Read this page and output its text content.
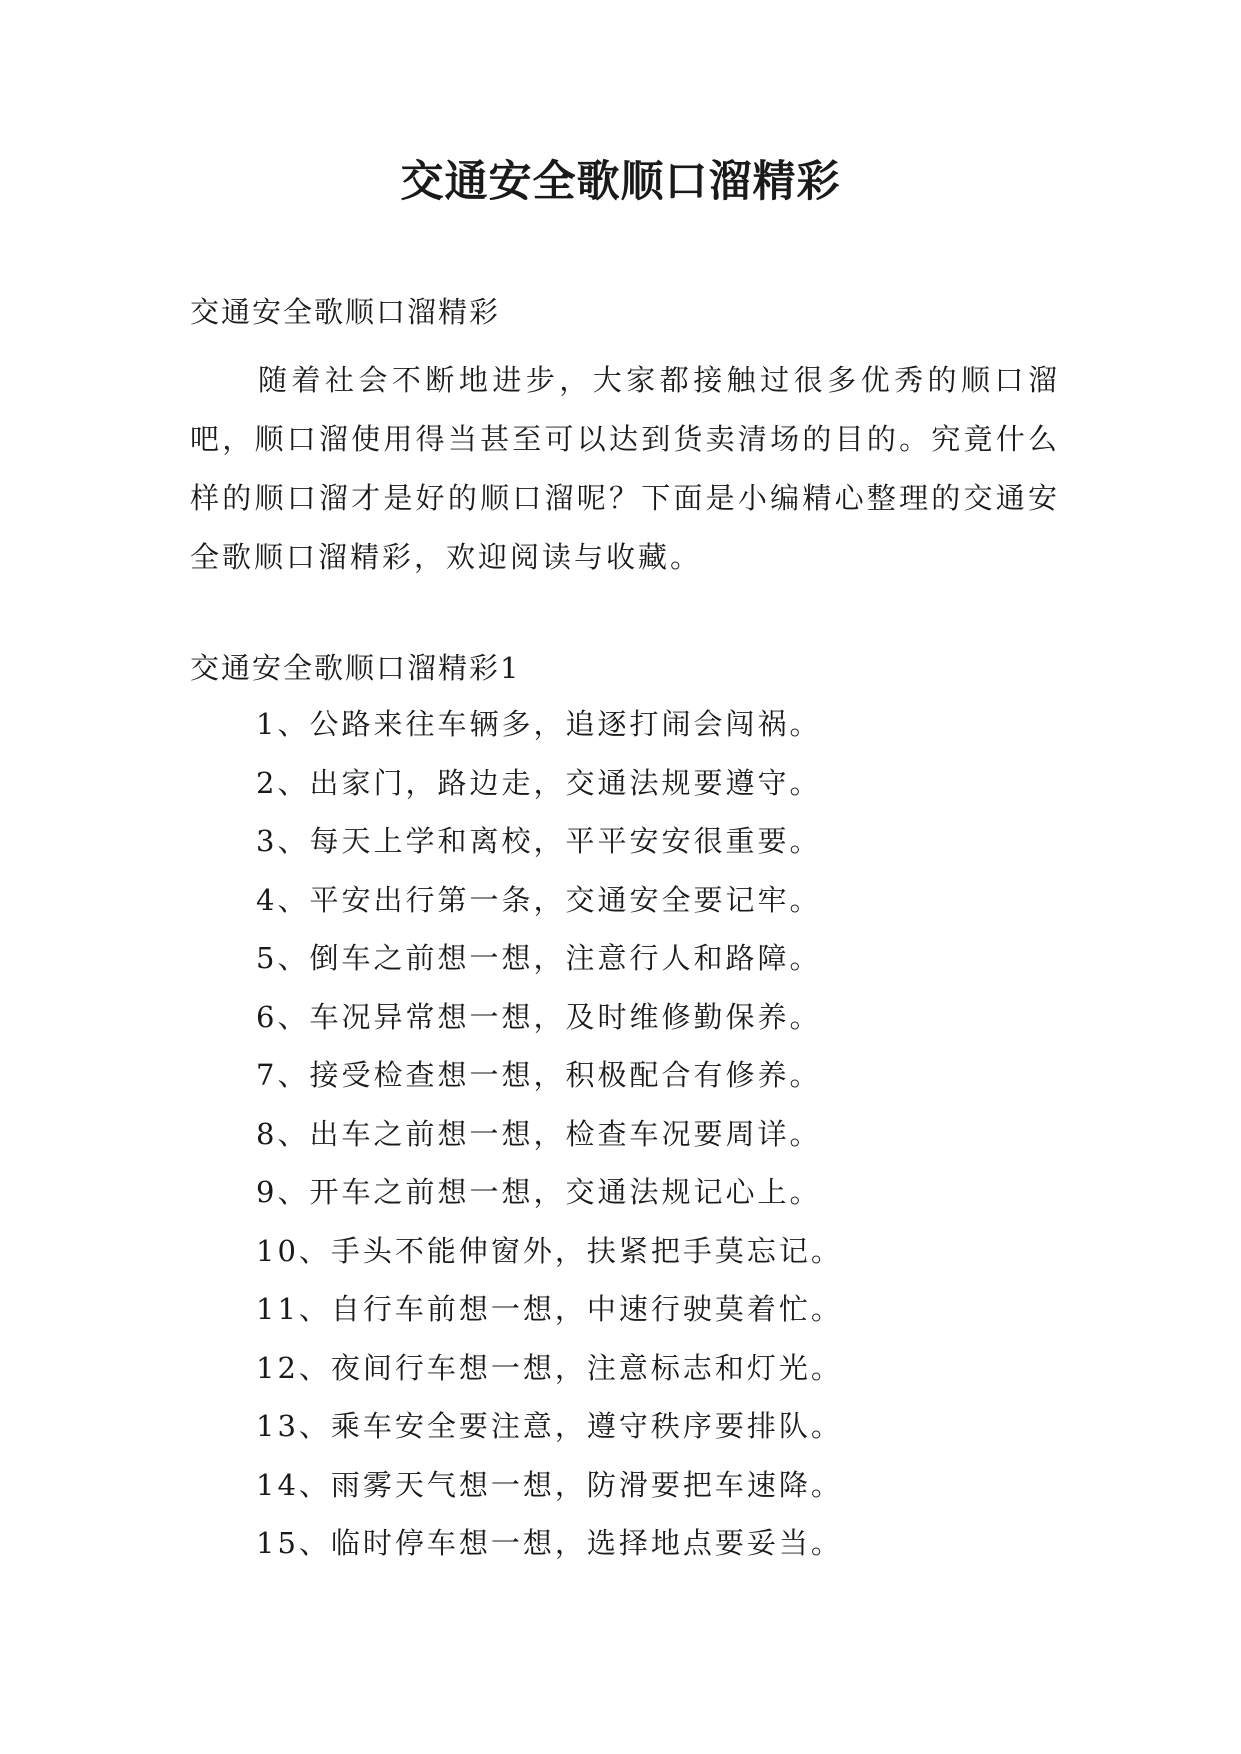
交通安全歌顺口溜精彩

交通安全歌顺口溜精彩

随着社会不断地进步，大家都接触过很多优秀的顺口溜吧，顺口溜使用得当甚至可以达到货卖清场的目的。究竟什么样的顺口溜才是好的顺口溜呢？下面是小编精心整理的交通安全歌顺口溜精彩，欢迎阅读与收藏。

交通安全歌顺口溜精彩1

1、公路来往车辆多，追逐打闹会闯祸。
2、出家门，路边走，交通法规要遵守。
3、每天上学和离校，平平安安很重要。
4、平安出行第一条，交通安全要记牢。
5、倒车之前想一想，注意行人和路障。
6、车况异常想一想，及时维修勤保养。
7、接受检查想一想，积极配合有修养。
8、出车之前想一想，检查车况要周详。
9、开车之前想一想，交通法规记心上。
10、手头不能伸窗外，扶紧把手莫忘记。
11、自行车前想一想，中速行驶莫着忙。
12、夜间行车想一想，注意标志和灯光。
13、乘车安全要注意，遵守秩序要排队。
14、雨雾天气想一想，防滑要把车速降。
15、临时停车想一想，选择地点要妥当。
